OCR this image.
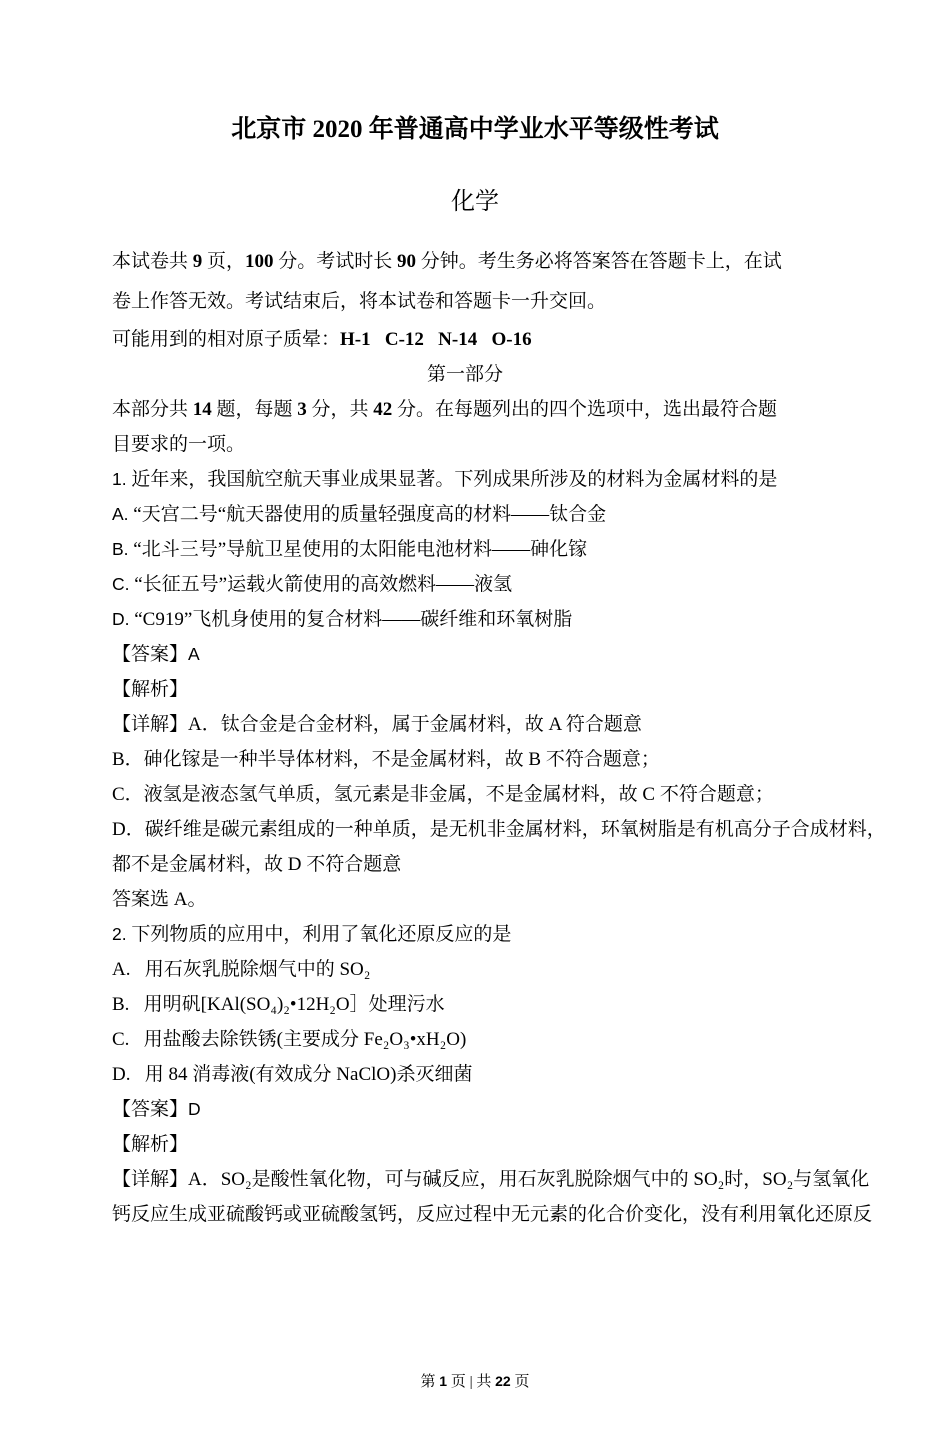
北京市 2020 年普通高中学业水平等级性考试
化学

本试卷共 9 页，100 分。考试时长 90 分钟。考生务必将答案答在答题卡上，在试

卷上作答无效。考试结束后，将本试卷和答题卡一升交回。

可能用到的相对原子质晕：H-1   C-12   N-14   O-16

第一部分

本部分共 14 题，每题 3 分，共 42 分。在每题列出的四个选项中，选出最符合题

目要求的一项。

1. 近年来，我国航空航天事业成果显著。下列成果所涉及的材料为金属材料的是

A. “天宫二号“航天器使用的质量轻强度高的材料——钛合金

B. “北斗三号”导航卫星使用的太阳能电池材料——砷化镓

C. “长征五号”运载火箭使用的高效燃料——液氢

D. “C919”飞机身使用的复合材料——碳纤维和环氧树脂

【答案】A

【解析】

【详解】A．钛合金是合金材料，属于金属材料，故 A 符合题意

B．砷化镓是一种半导体材料，不是金属材料，故 B 不符合题意；

C．液氢是液态氢气单质，氢元素是非金属，不是金属材料，故 C 不符合题意；

D．碳纤维是碳元素组成的一种单质，是无机非金属材料，环氧树脂是有机高分子合成材料，

都不是金属材料，故 D 不符合题意

答案选 A。

2. 下列物质的应用中，利用了氧化还原反应的是

A.   用石灰乳脱除烟气中的 SO₂

B.   用明矾[KAl(SO₄)₂•12H₂O］处理污水

C.   用盐酸去除铁锈(主要成分 Fe₂O₃•xH₂O)

D.   用 84 消毒液(有效成分 NaClO)杀灭细菌

【答案】D

【解析】

【详解】A．SO₂是酸性氧化物，可与碱反应，用石灰乳脱除烟气中的 SO₂时，SO₂与氢氧化

钙反应生成亚硫酸钙或亚硫酸氢钙，反应过程中无元素的化合价变化，没有利用氧化还原反

第 1 页 | 共 22 页
